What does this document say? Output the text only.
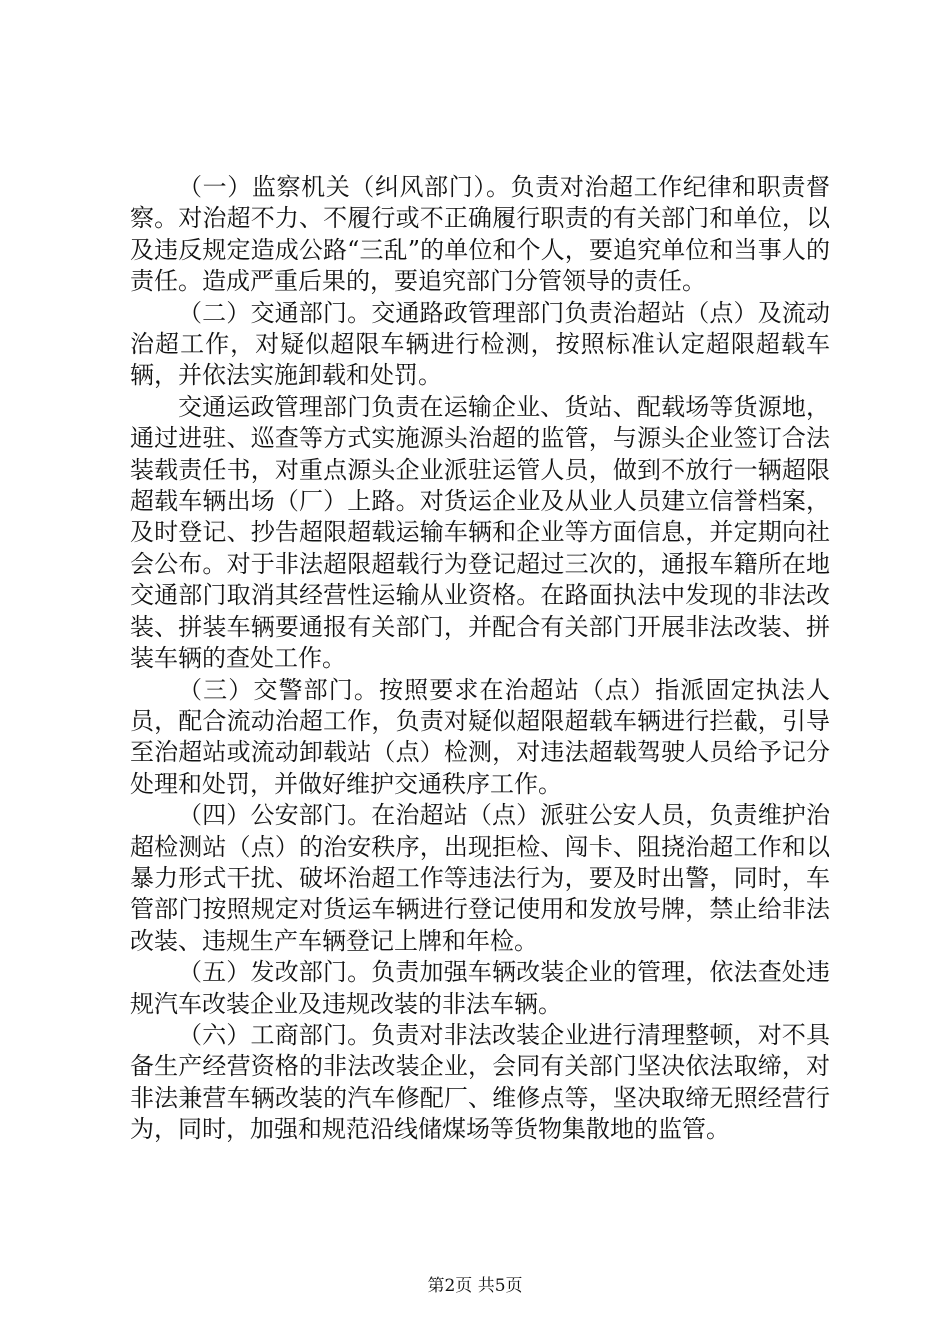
（一）监察机关（纠风部门）。负责对治超工作纪律和职责督察。对治超不力、不履行或不正确履行职责的有关部门和单位，以及违反规定造成公路“三乱”的单位和个人，要追究单位和当事人的责任。造成严重后果的，要追究部门分管领导的责任。

（二）交通部门。交通路政管理部门负责治超站（点）及流动治超工作，对疑似超限车辆进行检测，按照标准认定超限超载车辆，并依法实施卸载和处罚。

交通运政管理部门负责在运输企业、货站、配载场等货源地，通过进驻、巡查等方式实施源头治超的监管，与源头企业签订合法装载责任书，对重点源头企业派驻运管人员，做到不放行一辆超限超载车辆出场（厂）上路。对货运企业及从业人员建立信誉档案，及时登记、抄告超限超载运输车辆和企业等方面信息，并定期向社会公布。对于非法超限超载行为登记超过三次的，通报车籍所在地交通部门取消其经营性运输从业资格。在路面执法中发现的非法改装、拼装车辆要通报有关部门，并配合有关部门开展非法改装、拼装车辆的查处工作。

（三）交警部门。按照要求在治超站（点）指派固定执法人员，配合流动治超工作，负责对疑似超限超载车辆进行拦截，引导至治超站或流动卸载站（点）检测，对违法超载驾驶人员给予记分处理和处罚，并做好维护交通秩序工作。

（四）公安部门。在治超站（点）派驻公安人员，负责维护治超检测站（点）的治安秩序，出现拒检、闯卡、阻挠治超工作和以暴力形式干扰、破坏治超工作等违法行为，要及时出警，同时，车管部门按照规定对货运车辆进行登记使用和发放号牌，禁止给非法改装、违规生产车辆登记上牌和年检。

（五）发改部门。负责加强车辆改装企业的管理，依法查处违规汽车改装企业及违规改装的非法车辆。

（六）工商部门。负责对非法改装企业进行清理整顿，对不具备生产经营资格的非法改装企业，会同有关部门坚决依法取缔，对非法兼营车辆改装的汽车修配厂、维修点等，坚决取缔无照经营行为，同时，加强和规范沿线储煤场等货物集散地的监管。

第2页 共5页
